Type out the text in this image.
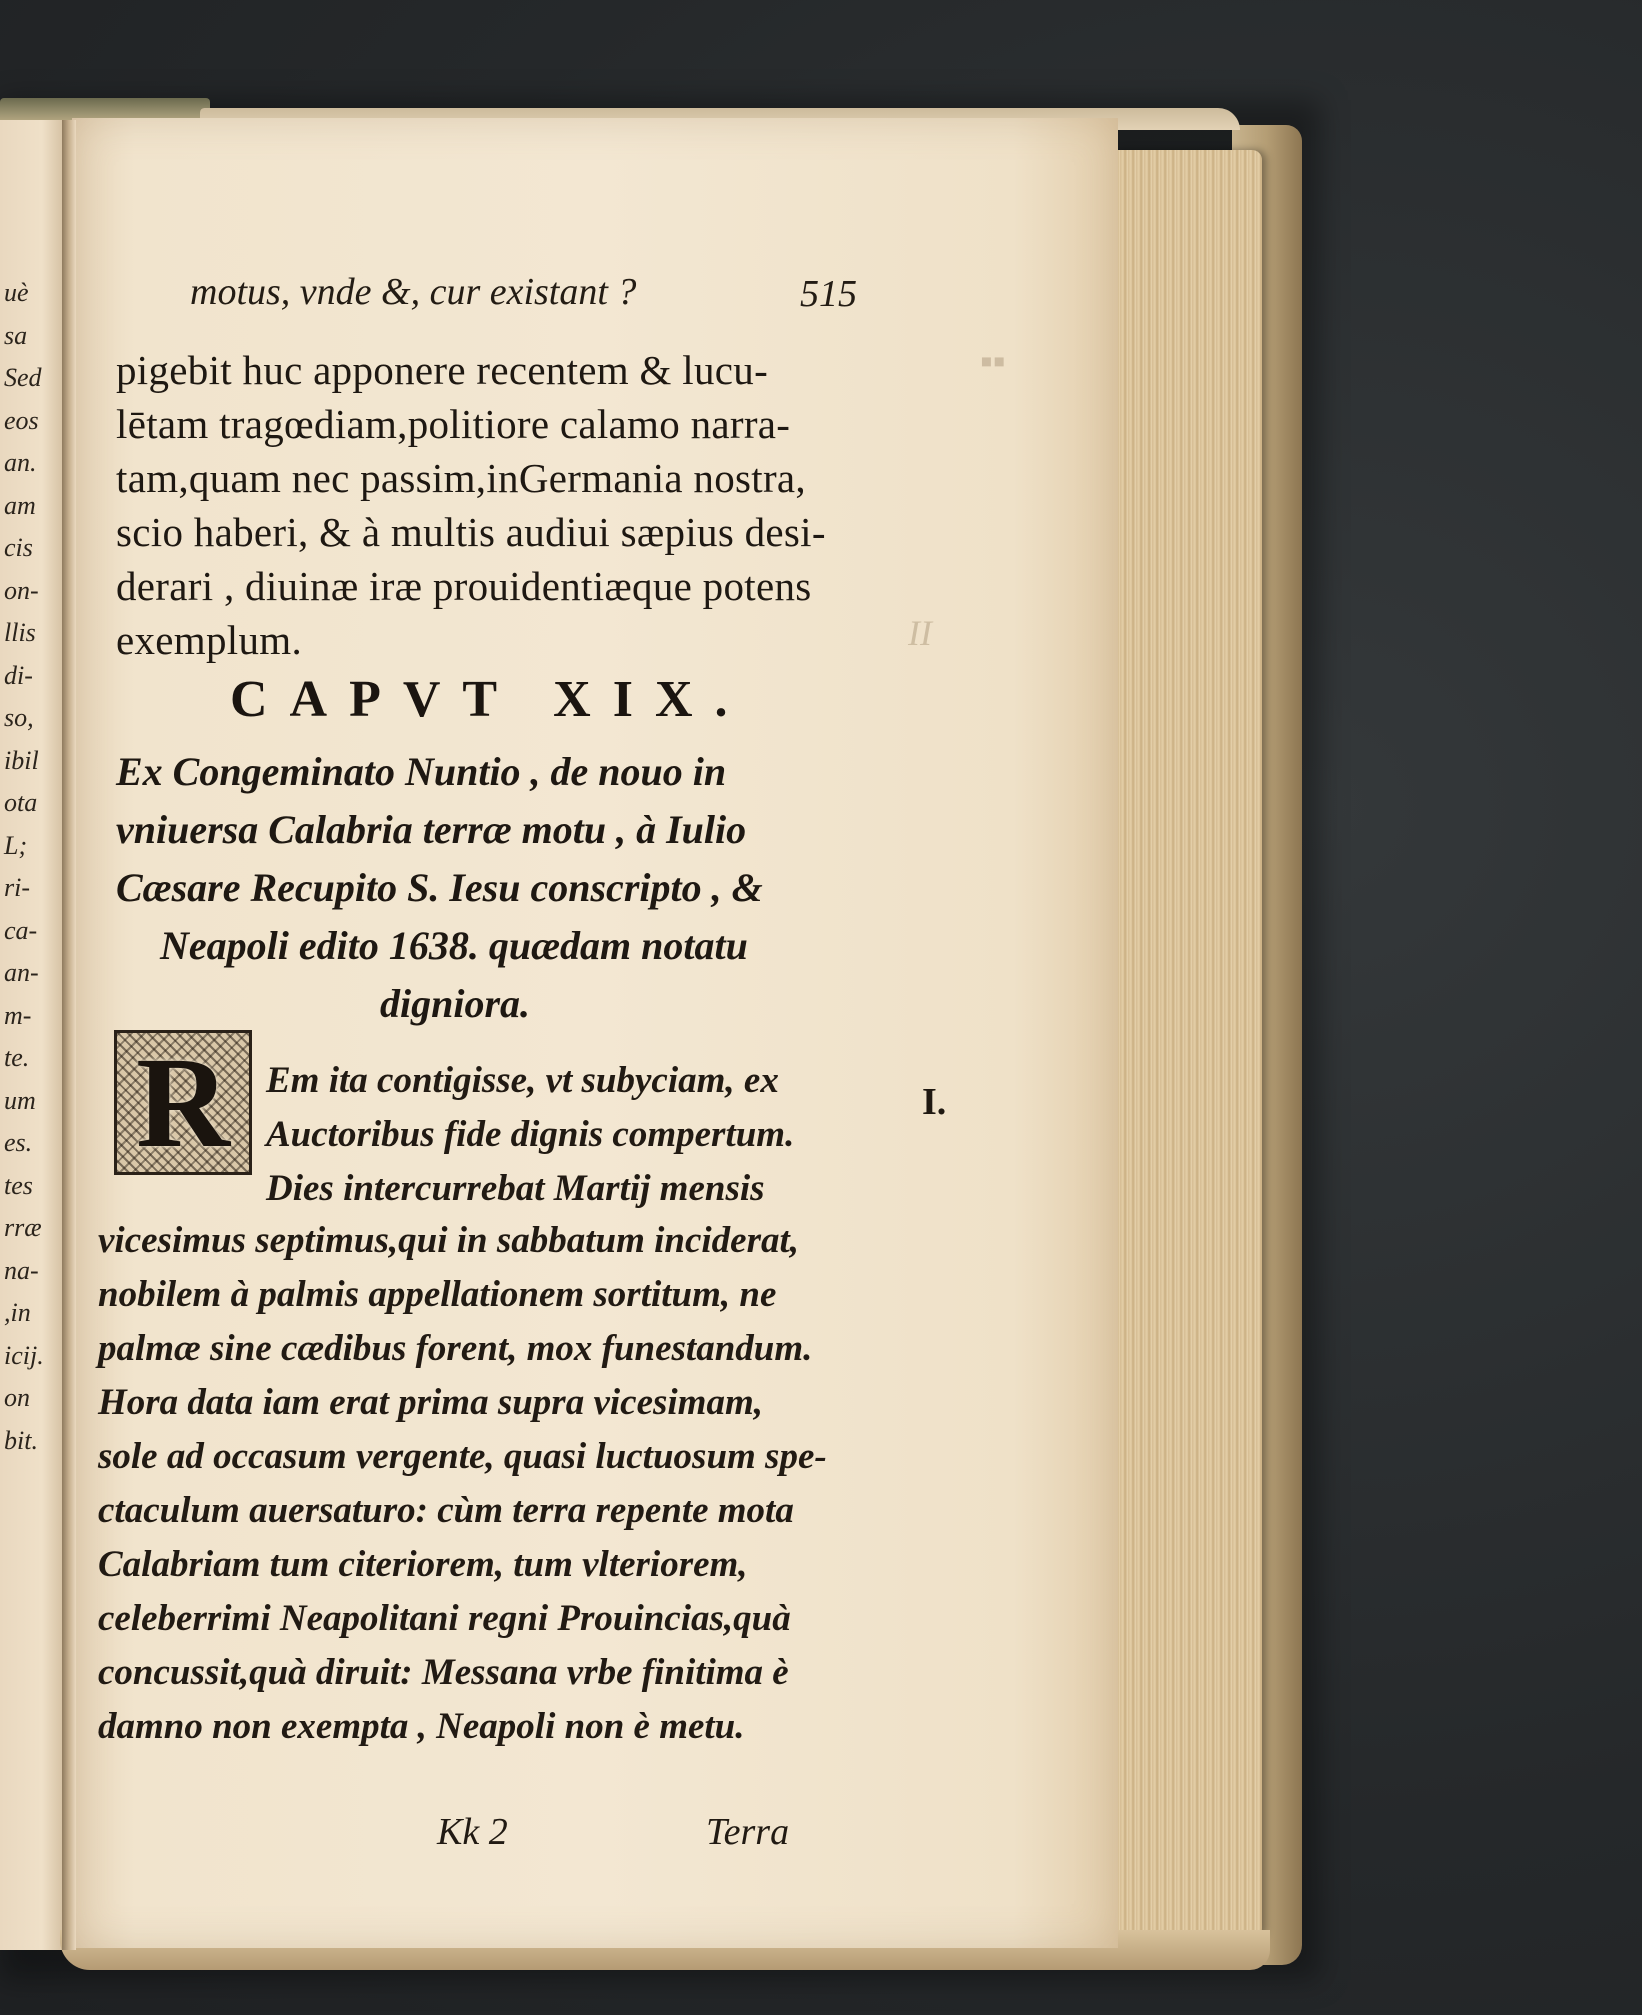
uè
sa
Sed
eos
an.
am
cis
on-
llis
di-
so,
ibil
ota
L;
ri-
ca-
an-
m-
te.
um
es.
tes
rræ
na-
,in
icij.
on
bit.
▪▪
II
motus, vnde &, cur existant ?	515
pigebit huc apponere recentem & lucu-
lētam tragœdiam,politiore calamo narra-
tam,quam nec passim,inGermania nostra,
scio haberi, & à multis audiui sæpius desi-
derari , diuinæ iræ prouidentiæque potens
exemplum.
CAPVT XIX.
Ex Congeminato Nuntio , de nouo in
vniuersa Calabria terræ motu , à Iulio
Cæsare Recupito S. Iesu conscripto , &
Neapoli edito 1638. quædam notatu
digniora.
R Em ita contigisse, vt subyciam, ex
Auctoribus fide dignis compertum.
Dies intercurrebat Martij mensis
vicesimus septimus,qui in sabbatum inciderat,
nobilem à palmis appellationem sortitum, ne
palmæ sine cædibus forent, mox funestandum.
Hora data iam erat prima supra vicesimam,
sole ad occasum vergente, quasi luctuosum spe-
ctaculum auersaturo: cùm terra repente mota
Calabriam tum citeriorem, tum vlteriorem,
celeberrimi Neapolitani regni Prouincias,quà
concussit,quà diruit: Messana vrbe finitima è
damno non exempta , Neapoli non è metu.
I.
Kk 2	Terra
